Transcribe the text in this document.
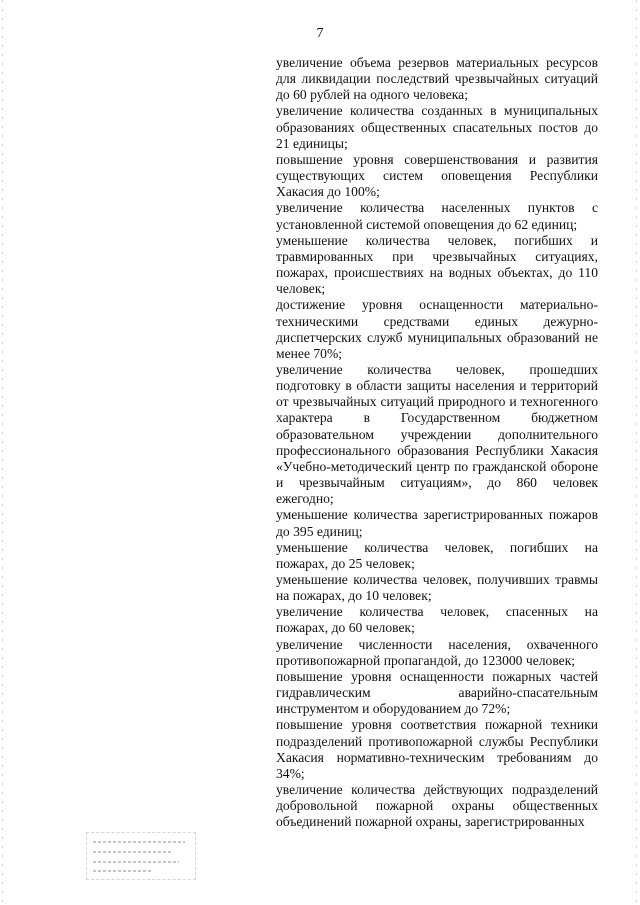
7

увеличение объема резервов материальных ресурсов для ликвидации последствий чрезвычайных ситуаций до 60 рублей на одного человека;

увеличение количества созданных в муниципальных образованиях общественных спасательных постов до 21 единицы;

повышение уровня совершенствования и развития существующих систем оповещения Республики Хакасия до 100%;

увеличение количества населенных пунктов с установленной системой оповещения до 62 единиц;

уменьшение количества человек, погибших и травмированных при чрезвычайных ситуациях, пожарах, происшествиях на водных объектах, до 110 человек;

достижение уровня оснащенности материально-техническими средствами единых дежурно-диспетчерских служб муниципальных образований не менее 70%;

увеличение количества человек, прошедших подготовку в области защиты населения и территорий от чрезвычайных ситуаций природного и техногенного характера в Государственном бюджетном образовательном учреждении дополнительного профессионального образования Республики Хакасия «Учебно-методический центр по гражданской обороне и чрезвычайным ситуациям», до 860 человек ежегодно;

уменьшение количества зарегистрированных пожаров до 395 единиц;

уменьшение количества человек, погибших на пожарах, до 25 человек;

уменьшение количества человек, получивших травмы на пожарах, до 10 человек;

увеличение количества человек, спасенных на пожарах, до 60 человек;

увеличение численности населения, охваченного противопожарной пропагандой, до 123000 человек;

повышение уровня оснащенности пожарных частей гидравлическим аварийно-спасательным инструментом и оборудованием до 72%;

повышение уровня соответствия пожарной техники подразделений противопожарной службы Республики Хакасия нормативно-техническим требованиям до 34%;

увеличение количества действующих подразделений добровольной пожарной охраны общественных объединений пожарной охраны, зарегистрированных
